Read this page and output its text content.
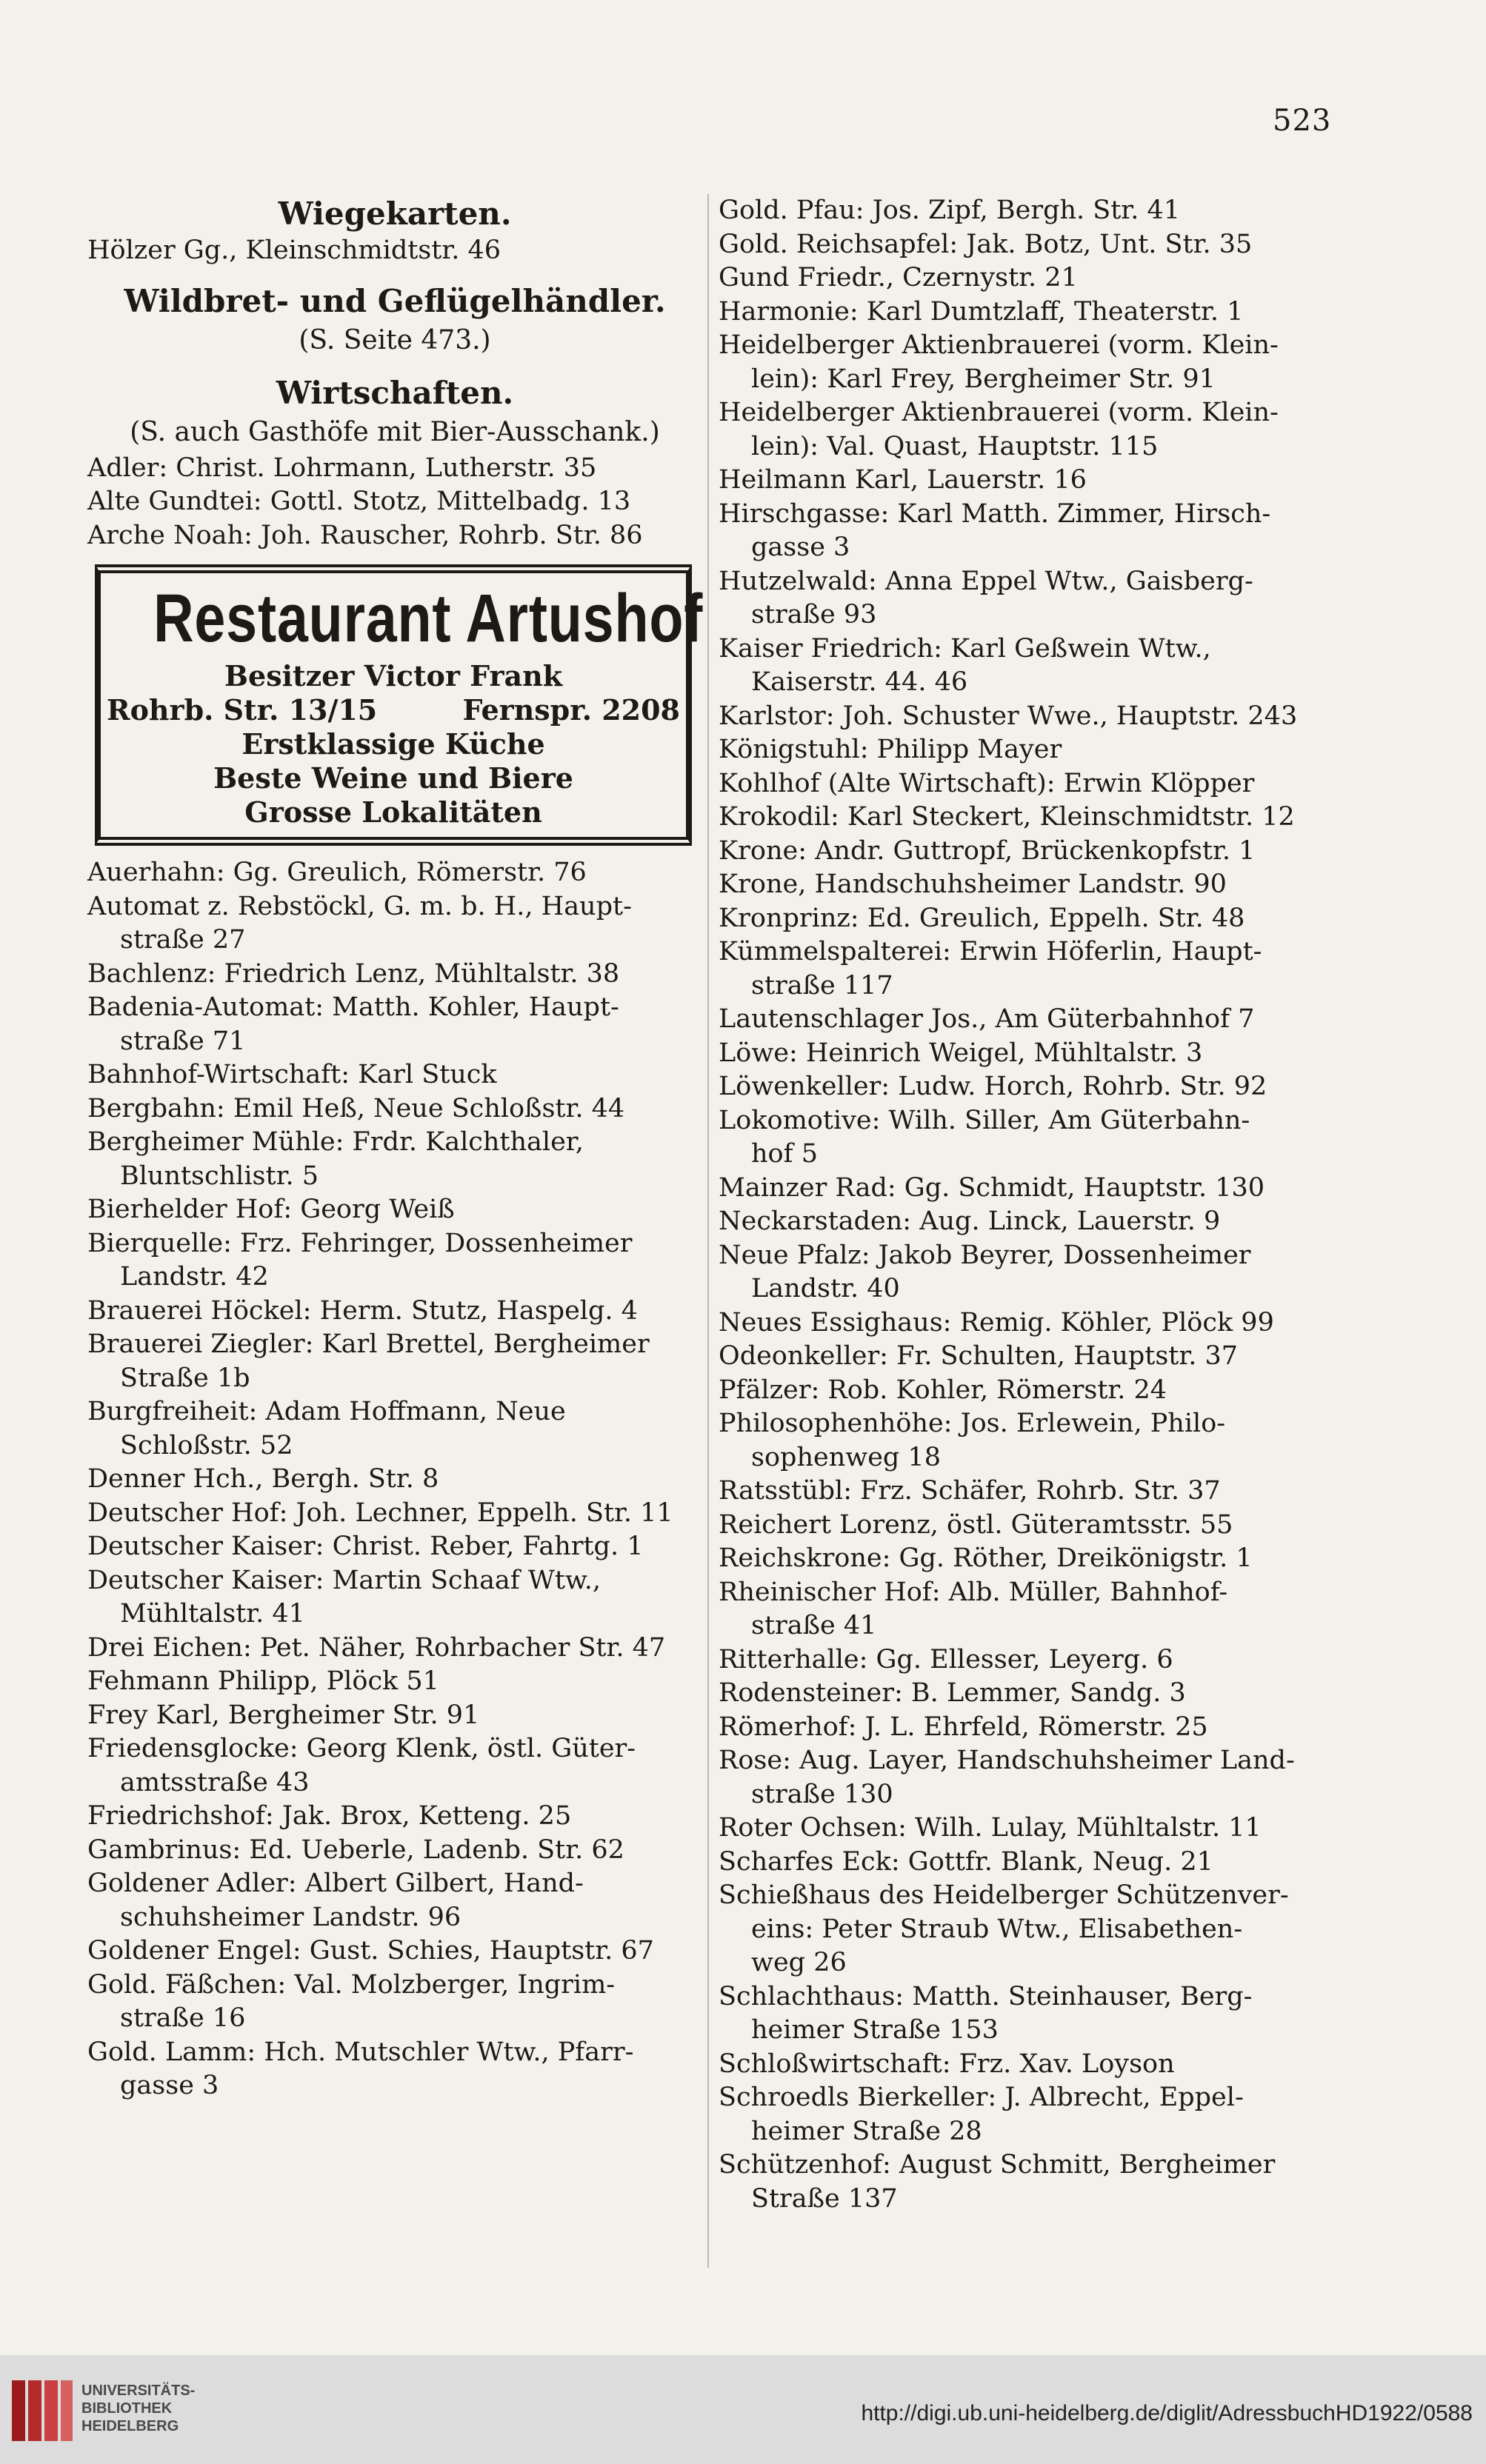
523

Wiegekarten.

Hölzer Gg., Kleinschmidtstr. 46

Wildbret- und Geflügelhändler.

(S. Seite 473.)

Wirtschaften.

(S. auch Gasthöfe mit Bier-Ausschank.)

Adler: Christ. Lohrmann, Lutherstr. 35

Alte Gundtei: Gottl. Stotz, Mittelbadg. 13

Arche Noah: Joh. Rauscher, Rohrb. Str. 86

Restaurant Artushof
Besitzer Victor Frank
Rohrb. Str. 13/15	Fernspr. 2208
Erstklassige Küche
Beste Weine und Biere
Grosse Lokalitäten

Auerhahn: Gg. Greulich, Römerstr. 76

Automat z. Rebstöckl, G. m. b. H., Haupt-
straße 27

Bachlenz: Friedrich Lenz, Mühltalstr. 38

Badenia-Automat: Matth. Kohler, Haupt-
straße 71

Bahnhof-Wirtschaft: Karl Stuck

Bergbahn: Emil Heß, Neue Schloßstr. 44

Bergheimer Mühle: Frdr. Kalchthaler,
Bluntschlistr. 5

Bierhelder Hof: Georg Weiß

Bierquelle: Frz. Fehringer, Dossenheimer
Landstr. 42

Brauerei Höckel: Herm. Stutz, Haspelg. 4

Brauerei Ziegler: Karl Brettel, Bergheimer
Straße 1b

Burgfreiheit: Adam Hoffmann, Neue
Schloßstr. 52

Denner Hch., Bergh. Str. 8

Deutscher Hof: Joh. Lechner, Eppelh. Str. 11

Deutscher Kaiser: Christ. Reber, Fahrtg. 1

Deutscher Kaiser: Martin Schaaf Wtw.,
Mühltalstr. 41

Drei Eichen: Pet. Näher, Rohrbacher Str. 47

Fehmann Philipp, Plöck 51

Frey Karl, Bergheimer Str. 91

Friedensglocke: Georg Klenk, östl. Güter-
amtsstraße 43

Friedrichshof: Jak. Brox, Ketteng. 25

Gambrinus: Ed. Ueberle, Ladenb. Str. 62

Goldener Adler: Albert Gilbert, Hand-
schuhsheimer Landstr. 96

Goldener Engel: Gust. Schies, Hauptstr. 67

Gold. Fäßchen: Val. Molzberger, Ingrim-
straße 16

Gold. Lamm: Hch. Mutschler Wtw., Pfarr-
gasse 3

Gold. Pfau: Jos. Zipf, Bergh. Str. 41

Gold. Reichsapfel: Jak. Botz, Unt. Str. 35

Gund Friedr., Czernystr. 21

Harmonie: Karl Dumtzlaff, Theaterstr. 1

Heidelberger Aktienbrauerei (vorm. Klein-
lein): Karl Frey, Bergheimer Str. 91

Heidelberger Aktienbrauerei (vorm. Klein-
lein): Val. Quast, Hauptstr. 115

Heilmann Karl, Lauerstr. 16

Hirschgasse: Karl Matth. Zimmer, Hirsch-
gasse 3

Hutzelwald: Anna Eppel Wtw., Gaisberg-
straße 93

Kaiser Friedrich: Karl Geßwein Wtw.,
Kaiserstr. 44. 46

Karlstor: Joh. Schuster Wwe., Hauptstr. 243

Königstuhl: Philipp Mayer

Kohlhof (Alte Wirtschaft): Erwin Klöpper

Krokodil: Karl Steckert, Kleinschmidtstr. 12

Krone: Andr. Guttropf, Brückenkopfstr. 1

Krone, Handschuhsheimer Landstr. 90

Kronprinz: Ed. Greulich, Eppelh. Str. 48

Kümmelspalterei: Erwin Höferlin, Haupt-
straße 117

Lautenschlager Jos., Am Güterbahnhof 7

Löwe: Heinrich Weigel, Mühltalstr. 3

Löwenkeller: Ludw. Horch, Rohrb. Str. 92

Lokomotive: Wilh. Siller, Am Güterbahn-
hof 5

Mainzer Rad: Gg. Schmidt, Hauptstr. 130

Neckarstaden: Aug. Linck, Lauerstr. 9

Neue Pfalz: Jakob Beyrer, Dossenheimer
Landstr. 40

Neues Essighaus: Remig. Köhler, Plöck 99

Odeonkeller: Fr. Schulten, Hauptstr. 37

Pfälzer: Rob. Kohler, Römerstr. 24

Philosophenhöhe: Jos. Erlewein, Philo-
sophenweg 18

Ratsstübl: Frz. Schäfer, Rohrb. Str. 37

Reichert Lorenz, östl. Güteramtsstr. 55

Reichskrone: Gg. Röther, Dreikönigstr. 1

Rheinischer Hof: Alb. Müller, Bahnhof-
straße 41

Ritterhalle: Gg. Ellesser, Leyerg. 6

Rodensteiner: B. Lemmer, Sandg. 3

Römerhof: J. L. Ehrfeld, Römerstr. 25

Rose: Aug. Layer, Handschuhsheimer Land-
straße 130

Roter Ochsen: Wilh. Lulay, Mühltalstr. 11

Scharfes Eck: Gottfr. Blank, Neug. 21

Schießhaus des Heidelberger Schützenver-
eins: Peter Straub Wtw., Elisabethen-
weg 26

Schlachthaus: Matth. Steinhauser, Berg-
heimer Straße 153

Schloßwirtschaft: Frz. Xav. Loyson

Schroedls Bierkeller: J. Albrecht, Eppel-
heimer Straße 28

Schützenhof: August Schmitt, Bergheimer
Straße 137

UNIVERSITÄTS-
BIBLIOTHEK
HEIDELBERG
http://digi.ub.uni-heidelberg.de/diglit/AdressbuchHD1922/0588
